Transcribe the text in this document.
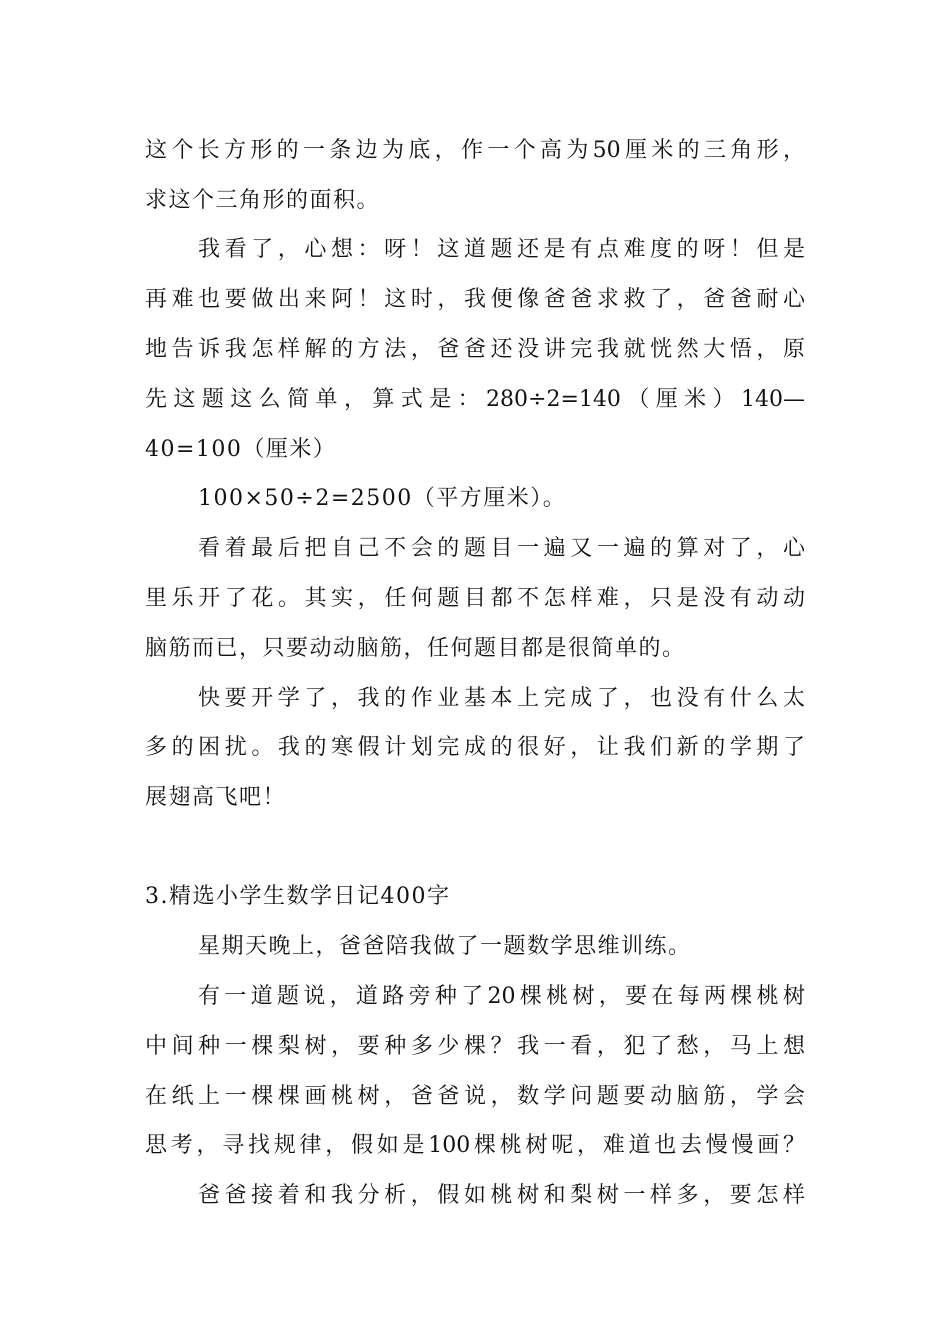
这个长方形的一条边为底，作一个高为50厘米的三角形，
求这个三角形的面积。
我看了，心想：呀！这道题还是有点难度的呀！但是
再难也要做出来阿！这时，我便像爸爸求救了，爸爸耐心
地告诉我怎样解的方法，爸爸还没讲完我就恍然大悟，原
先这题这么简单，算式是：280÷2=140（厘米）140—
40=100（厘米）
100×50÷2=2500（平方厘米）。
看着最后把自己不会的题目一遍又一遍的算对了，心
里乐开了花。其实，任何题目都不怎样难，只是没有动动
脑筋而已，只要动动脑筋，任何题目都是很简单的。
快要开学了，我的作业基本上完成了，也没有什么太
多的困扰。我的寒假计划完成的很好，让我们新的学期了
展翅高飞吧！
3.精选小学生数学日记400字
星期天晚上，爸爸陪我做了一题数学思维训练。
有一道题说，道路旁种了20棵桃树，要在每两棵桃树
中间种一棵梨树，要种多少棵？我一看，犯了愁，马上想
在纸上一棵棵画桃树，爸爸说，数学问题要动脑筋，学会
思考，寻找规律，假如是100棵桃树呢，难道也去慢慢画？
爸爸接着和我分析，假如桃树和梨树一样多，要怎样
